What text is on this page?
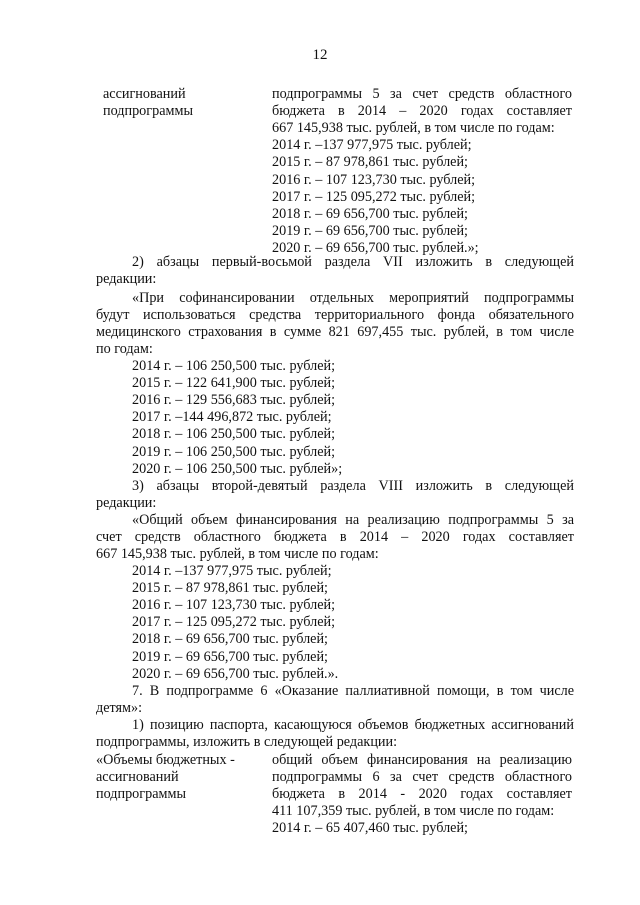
12
ассигнований
подпрограммы
подпрограммы 5 за счет средств областного
бюджета в 2014 – 2020 годах составляет
667 145,938 тыс. рублей, в том числе по годам:
2014 г. –137 977,975 тыс. рублей;
2015 г. – 87 978,861 тыс. рублей;
2016 г. – 107 123,730 тыс. рублей;
2017 г. – 125 095,272 тыс. рублей;
2018 г. – 69 656,700 тыс. рублей;
2019 г. – 69 656,700 тыс. рублей;
2020 г. – 69 656,700 тыс. рублей.»;
2) абзацы первый-восьмой раздела VII изложить в следующей
редакции:
«При софинансировании отдельных мероприятий подпрограммы
будут использоваться средства территориального фонда обязательного
медицинского страхования в сумме 821 697,455 тыс. рублей, в том числе
по годам:
2014 г. – 106 250,500 тыс. рублей;
2015 г. – 122 641,900 тыс. рублей;
2016 г. – 129 556,683 тыс. рублей;
2017 г. –144 496,872 тыс. рублей;
2018 г. – 106 250,500 тыс. рублей;
2019 г. – 106 250,500 тыс. рублей;
2020 г. – 106 250,500 тыс. рублей»;
3) абзацы второй-девятый раздела VIII изложить в следующей
редакции:
«Общий объем финансирования на реализацию подпрограммы 5 за
счет средств областного бюджета в 2014 – 2020 годах составляет
667 145,938 тыс. рублей, в том числе по годам:
2014 г. –137 977,975 тыс. рублей;
2015 г. – 87 978,861 тыс. рублей;
2016 г. – 107 123,730 тыс. рублей;
2017 г. – 125 095,272 тыс. рублей;
2018 г. – 69 656,700 тыс. рублей;
2019 г. – 69 656,700 тыс. рублей;
2020 г. – 69 656,700 тыс. рублей.».
7. В подпрограмме 6 «Оказание паллиативной помощи, в том числе
детям»:
1) позицию паспорта, касающуюся объемов бюджетных ассигнований
подпрограммы, изложить в следующей редакции:
«Объемы бюджетных -
ассигнований
подпрограммы
общий объем финансирования на реализацию
подпрограммы 6 за счет средств областного
бюджета в 2014 - 2020 годах составляет
411 107,359 тыс. рублей, в том числе по годам:
2014 г. – 65 407,460 тыс. рублей;
